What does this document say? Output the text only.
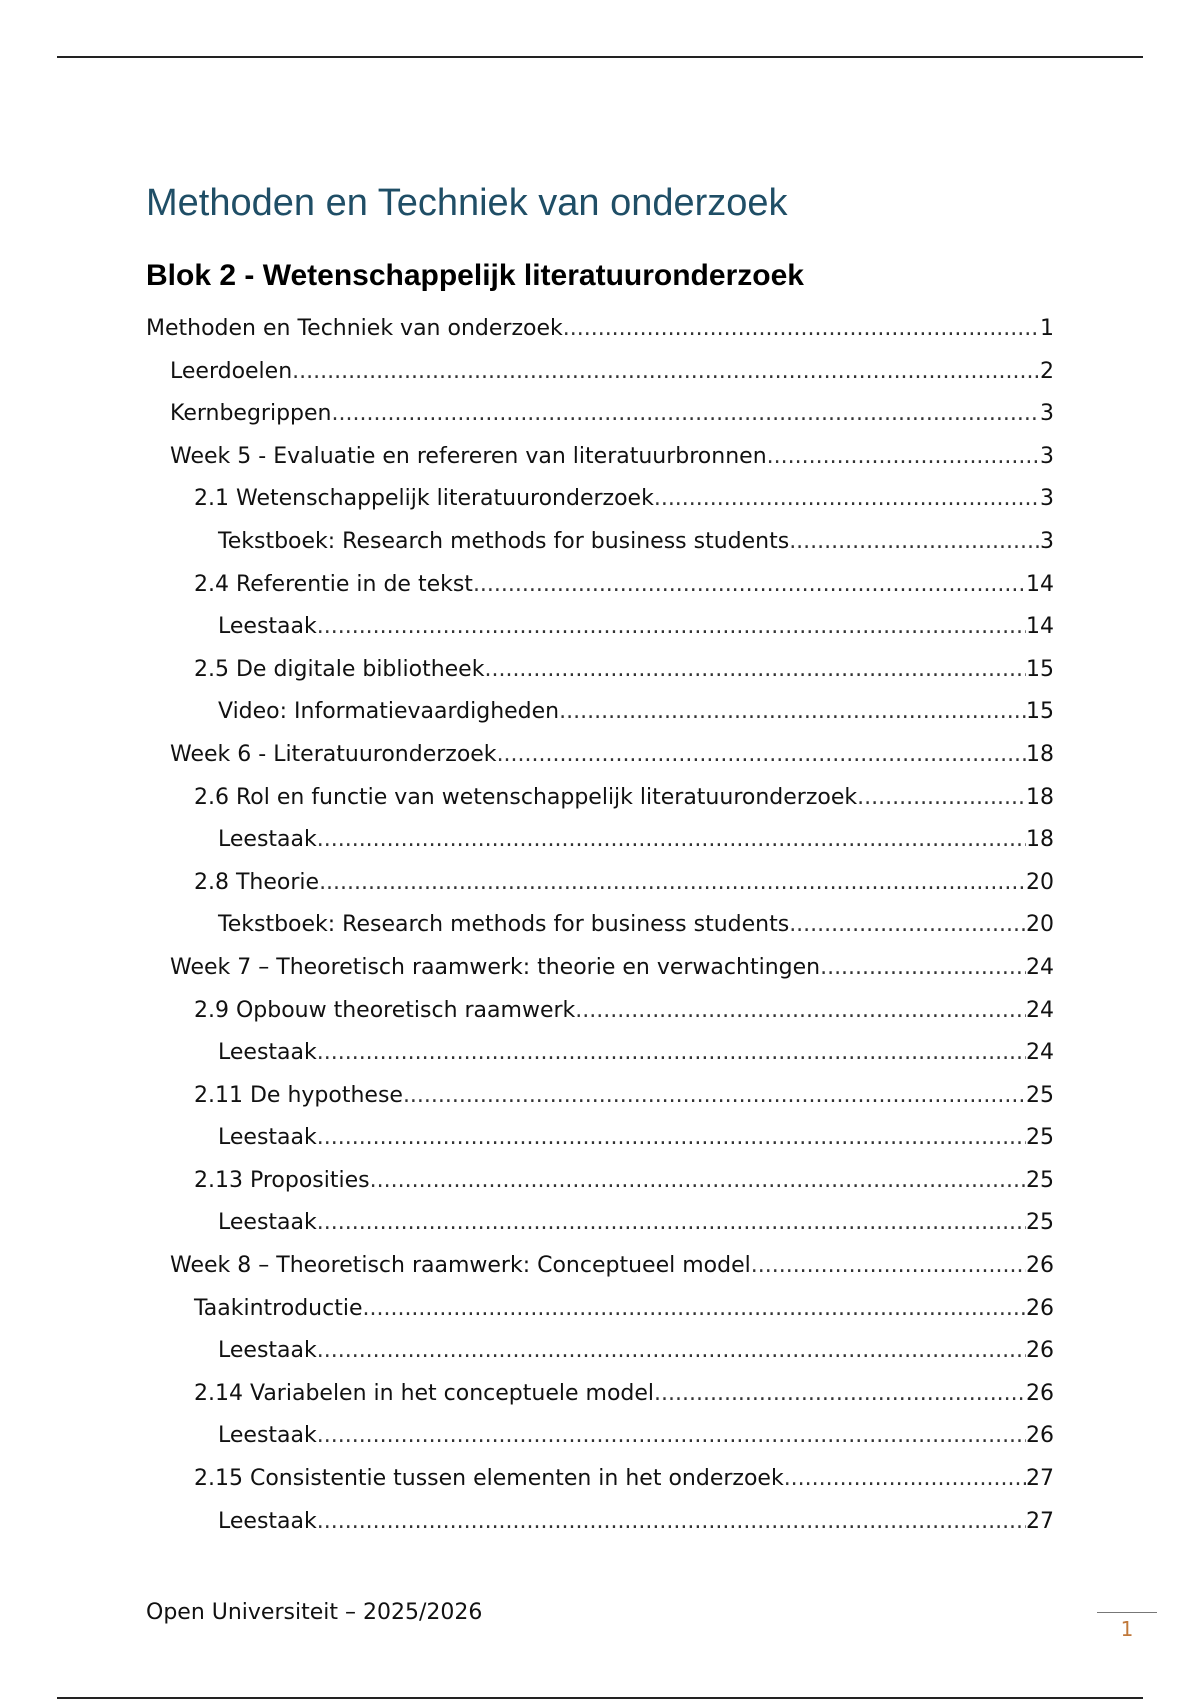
Methoden en Techniek van onderzoek
Blok 2 - Wetenschappelijk literatuuronderzoek
Methoden en Techniek van onderzoek .....	1
Leerdoelen .....	2
Kernbegrippen .....	3
Week 5 - Evaluatie en refereren van literatuurbronnen .....	3
2.1 Wetenschappelijk literatuuronderzoek .....	3
Tekstboek: Research methods for business students .....	3
2.4 Referentie in de tekst .....	14
Leestaak .....	14
2.5 De digitale bibliotheek .....	15
Video: Informatievaardigheden .....	15
Week 6 - Literatuuronderzoek .....	18
2.6 Rol en functie van wetenschappelijk literatuuronderzoek .....	18
Leestaak .....	18
2.8 Theorie .....	20
Tekstboek: Research methods for business students .....	20
Week 7 – Theoretisch raamwerk: theorie en verwachtingen .....	24
2.9 Opbouw theoretisch raamwerk .....	24
Leestaak .....	24
2.11 De hypothese .....	25
Leestaak .....	25
2.13 Proposities .....	25
Leestaak .....	25
Week 8 – Theoretisch raamwerk: Conceptueel model .....	26
Taakintroductie .....	26
Leestaak .....	26
2.14 Variabelen in het conceptuele model .....	26
Leestaak .....	26
2.15 Consistentie tussen elementen in het onderzoek .....	27
Leestaak .....	27
Open Universiteit – 2025/2026
1
